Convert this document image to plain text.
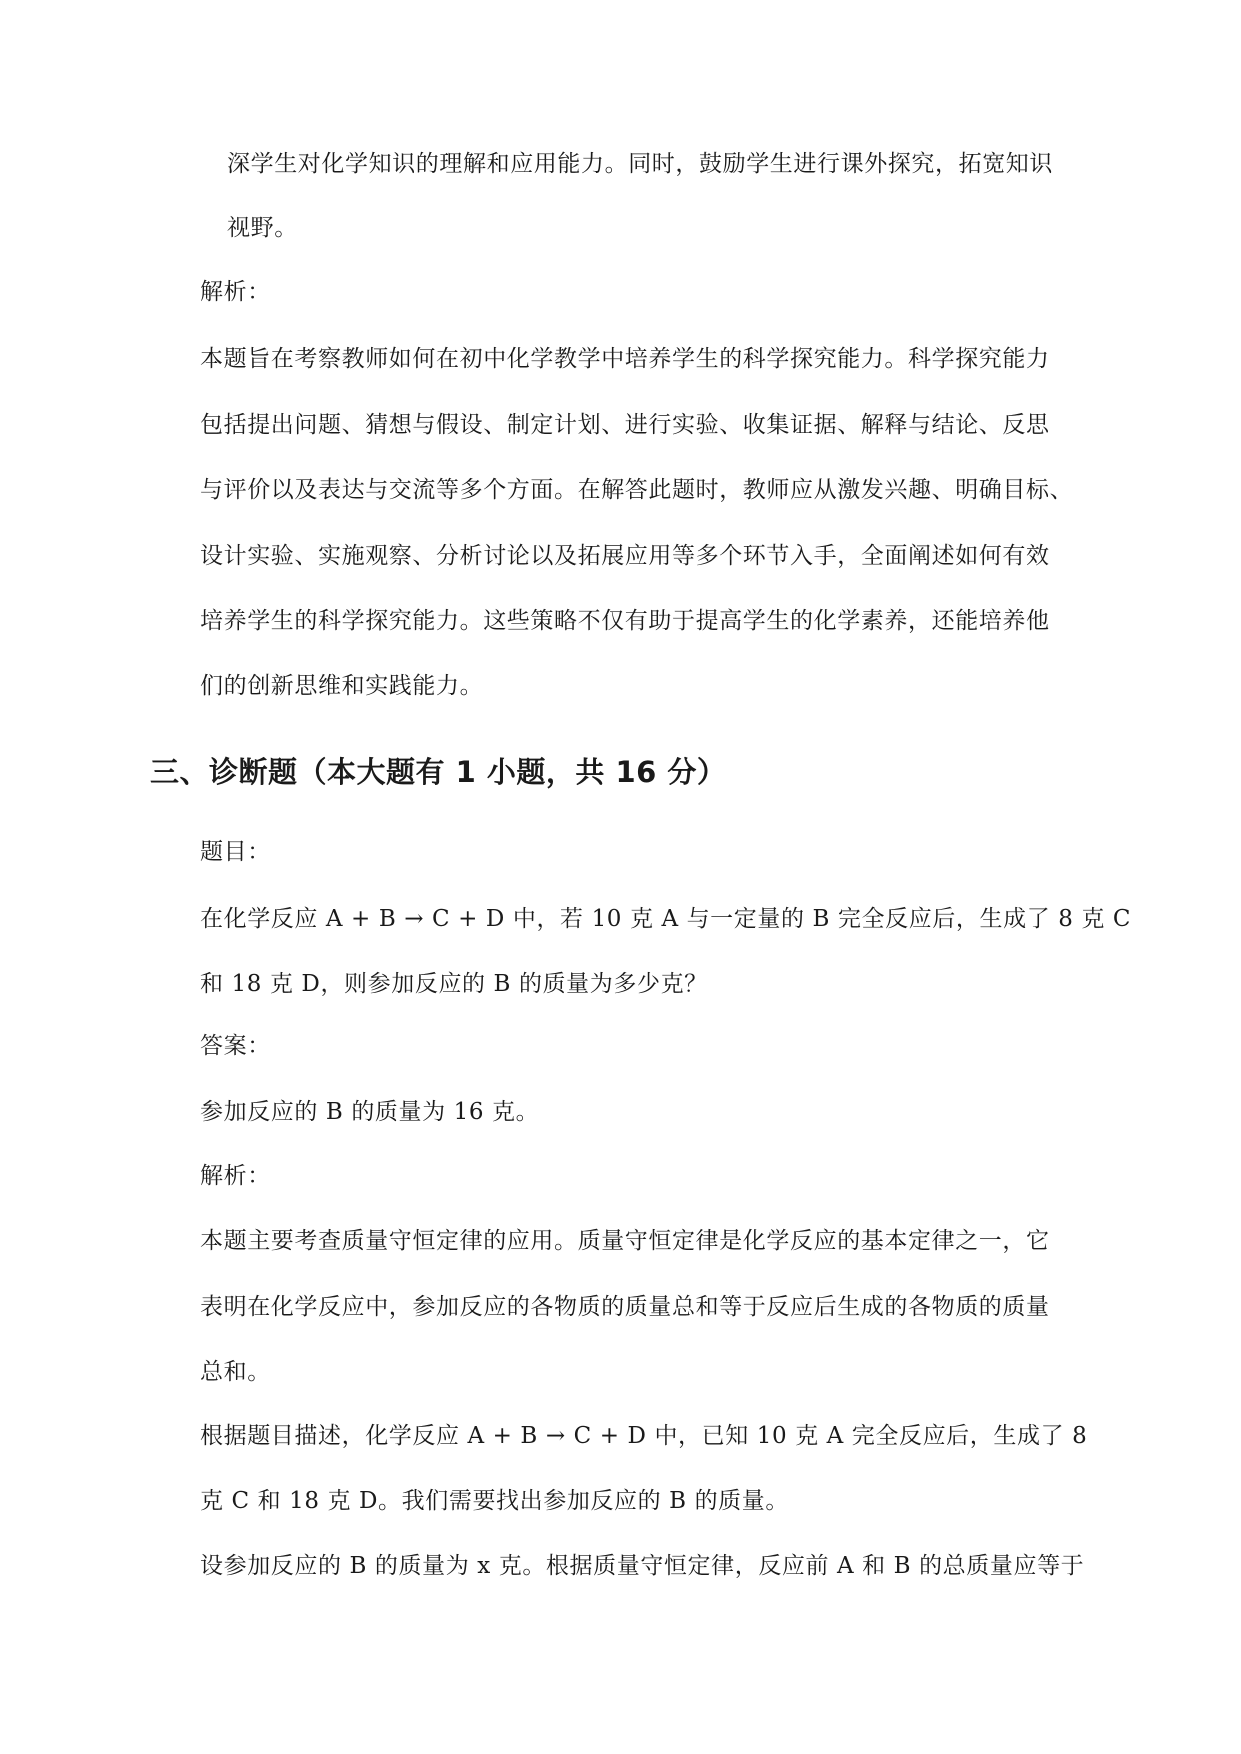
深学生对化学知识的理解和应用能力。同时，鼓励学生进行课外探究，拓宽知识
视野。
解析：
本题旨在考察教师如何在初中化学教学中培养学生的科学探究能力。科学探究能力
包括提出问题、猜想与假设、制定计划、进行实验、收集证据、解释与结论、反思
与评价以及表达与交流等多个方面。在解答此题时，教师应从激发兴趣、明确目标、
设计实验、实施观察、分析讨论以及拓展应用等多个环节入手，全面阐述如何有效
培养学生的科学探究能力。这些策略不仅有助于提高学生的化学素养，还能培养他
们的创新思维和实践能力。
三、诊断题（本大题有 1 小题，共 16 分）
题目：
在化学反应 A + B → C + D 中，若 10 克 A 与一定量的 B 完全反应后，生成了 8 克 C
和 18 克 D，则参加反应的 B 的质量为多少克？
答案：
参加反应的 B 的质量为 16 克。
解析：
本题主要考查质量守恒定律的应用。质量守恒定律是化学反应的基本定律之一，它
表明在化学反应中，参加反应的各物质的质量总和等于反应后生成的各物质的质量
总和。
根据题目描述，化学反应 A + B → C + D 中，已知 10 克 A 完全反应后，生成了 8
克 C 和 18 克 D。我们需要找出参加反应的 B 的质量。
设参加反应的 B 的质量为 x 克。根据质量守恒定律，反应前 A 和 B 的总质量应等于
